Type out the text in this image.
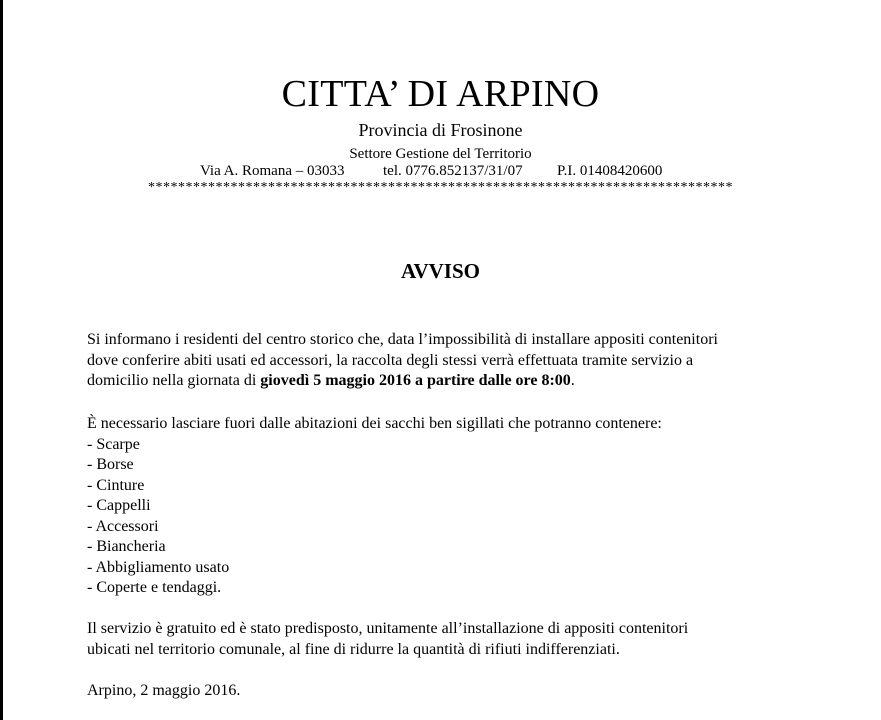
CITTA’ DI ARPINO
Provincia di Frosinone
Settore Gestione del Territorio
Via A. Romana – 03033	tel. 0776.852137/31/07 P.I. 01408420600
******************************************************************************
AVVISO
Si informano i residenti del centro storico che, data l’impossibilità di installare appositi contenitori
dove conferire abiti usati ed accessori, la raccolta degli stessi verrà effettuata tramite servizio a
domicilio nella giornata di giovedì 5 maggio 2016 a partire dalle ore 8:00.
È necessario lasciare fuori dalle abitazioni dei sacchi ben sigillati che potranno contenere:
- Scarpe
- Borse
- Cinture
- Cappelli
- Accessori
- Biancheria
- Abbigliamento usato
- Coperte e tendaggi.
Il servizio è gratuito ed è stato predisposto, unitamente all’installazione di appositi contenitori
ubicati nel territorio comunale, al fine di ridurre la quantità di rifiuti indifferenziati.
Arpino, 2 maggio 2016.
